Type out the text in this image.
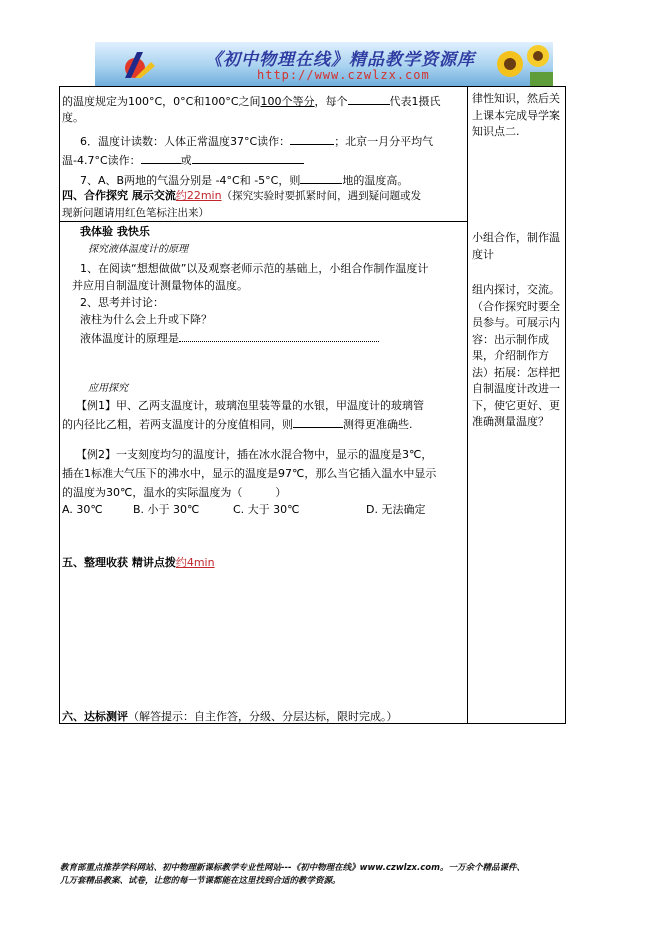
《初中物理在线》精品教学资源库
http://www.czwlzx.com
的温度规定为100°C，0°C和100°C之间100个等分，每个	代表1摄氏
度。
6．温度计读数：人体正常温度37°C读作：	；北京一月分平均气
温-4.7°C读作：	或
7、A、B两地的气温分别是 -4°C和 -5°C，则	地的温度高。
四、合作探究 展示交流约22min（探究实验时要抓紧时间，遇到疑问题或发
现新问题请用红色笔标注出来）
我体验 我快乐
探究液体温度计的原理
1、在阅读“想想做做”以及观察老师示范的基础上，小组合作制作温度计
并应用自制温度计测量物体的温度。
2、思考并讨论：
液柱为什么会上升或下降？
液体温度计的原理是
应用探究
【例1】甲、乙两支温度计，玻璃泡里装等量的水银，甲温度计的玻璃管
的内径比乙粗，若两支温度计的分度值相同，则	测得更准确些.
【例2】一支刻度均匀的温度计，插在冰水混合物中，显示的温度是3℃，
插在1标准大气压下的沸水中，显示的温度是97℃，那么当它插入温水中显示
的温度为30℃，温水的实际温度为（　　　）
A. 30℃	B. 小于 30℃	C. 大于 30℃	D. 无法确定
五、整理收获 精讲点拨约4min
六、达标测评（解答提示：自主作答，分级、分层达标，限时完成。）
律性知识，然后关上课本完成导学案知识点二.
小组合作，制作温度计
组内探讨，交流。（合作探究时要全员参与。可展示内容：出示制作成果，介绍制作方法）拓展：怎样把自制温度计改进一下，使它更好、更准确测量温度？
教育部重点推荐学科网站、初中物理新课标教学专业性网站---《初中物理在线》www.czwlzx.com。一万余个精品课件、
几万套精品教案、试卷，让您的每一节课都能在这里找到合适的教学资源。
